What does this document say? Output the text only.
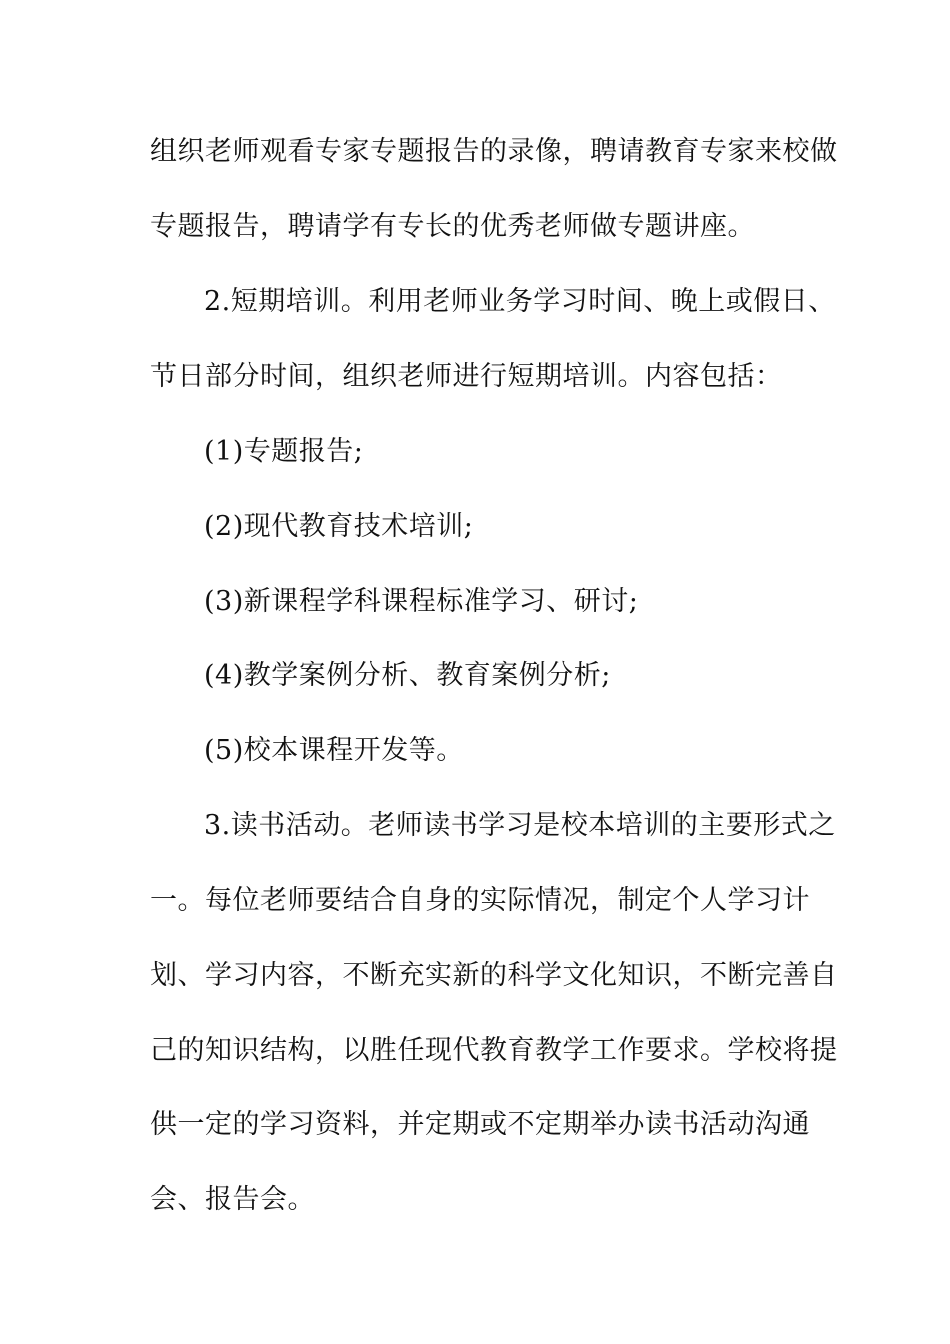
组织老师观看专家专题报告的录像，聘请教育专家来校做
专题报告，聘请学有专长的优秀老师做专题讲座。
2.短期培训。利用老师业务学习时间、晚上或假日、
节日部分时间，组织老师进行短期培训。内容包括：
(1)专题报告;
(2)现代教育技术培训;
(3)新课程学科课程标准学习、研讨;
(4)教学案例分析、教育案例分析;
(5)校本课程开发等。
3.读书活动。老师读书学习是校本培训的主要形式之
一。每位老师要结合自身的实际情况，制定个人学习计
划、学习内容，不断充实新的科学文化知识，不断完善自
己的知识结构，以胜任现代教育教学工作要求。学校将提
供一定的学习资料，并定期或不定期举办读书活动沟通
会、报告会。
